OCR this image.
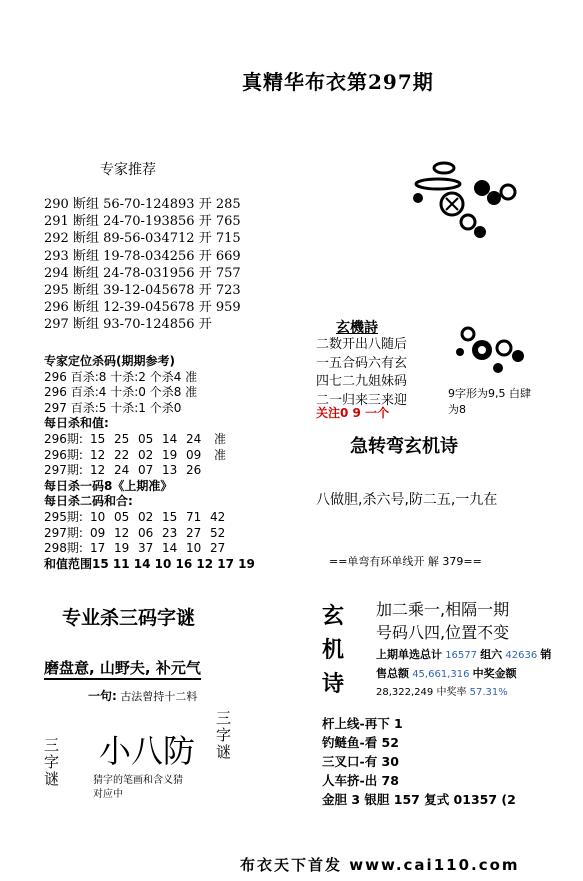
真精华布衣第297期
专家推荐
290 断组 56-70-124893 开 285
291 断组 24-70-193856 开 765
292 断组 89-56-034712 开 715
293 断组 19-78-034256 开 669
294 断组 24-78-031956 开 757
295 断组 39-12-045678 开 723
296 断组 12-39-045678 开 959
297 断组 93-70-124856 开
专家定位杀码(期期参考)
296 百杀:8 十杀:2 个杀4 准
296 百杀:4 十杀:0 个杀8 准
297 百杀:5 十杀:1 个杀0
每日杀和值:
296期: 15 25 05 14 24	准
296期: 12 22 02 19 09	准
297期: 12 24 07 13 26
每日杀一码8《上期准》
每日杀二码和合:
295期: 10 05 02 15 71 42
297期: 09 12 06 23 27 52
298期: 17 19 37 14 10 27
和值范围15 11 14 10 16 12 17 19
专业杀三码字谜
磨盘意, 山野夫, 补元气
一句: 古法曾持十二料
三字谜
三字谜
小八防
猜字的笔画和含义猜
对应中
玄機詩
二数开出八随后
一五合码六有玄
四七二九姐妹码
二一归来三来迎
关注0 9 一个
9字形为9,5 白肆为8
急转弯玄机诗
八做胆,杀六号,防二五,一九在
==单弯有环单线开 解 379==
玄机诗
加二乘一,相隔一期
号码八四,位置不变
上期单选总计 16577 组六 42636 销
售总额 45,661,316 中奖金额
28,322,249 中奖率 57.31%
杆上线-再下 1
钓鲢鱼-看 52
三叉口-有 30
人车挤-出 78
金胆 3 银胆 157 复式 01357 (2
布衣天下首发 www.cai110.com
